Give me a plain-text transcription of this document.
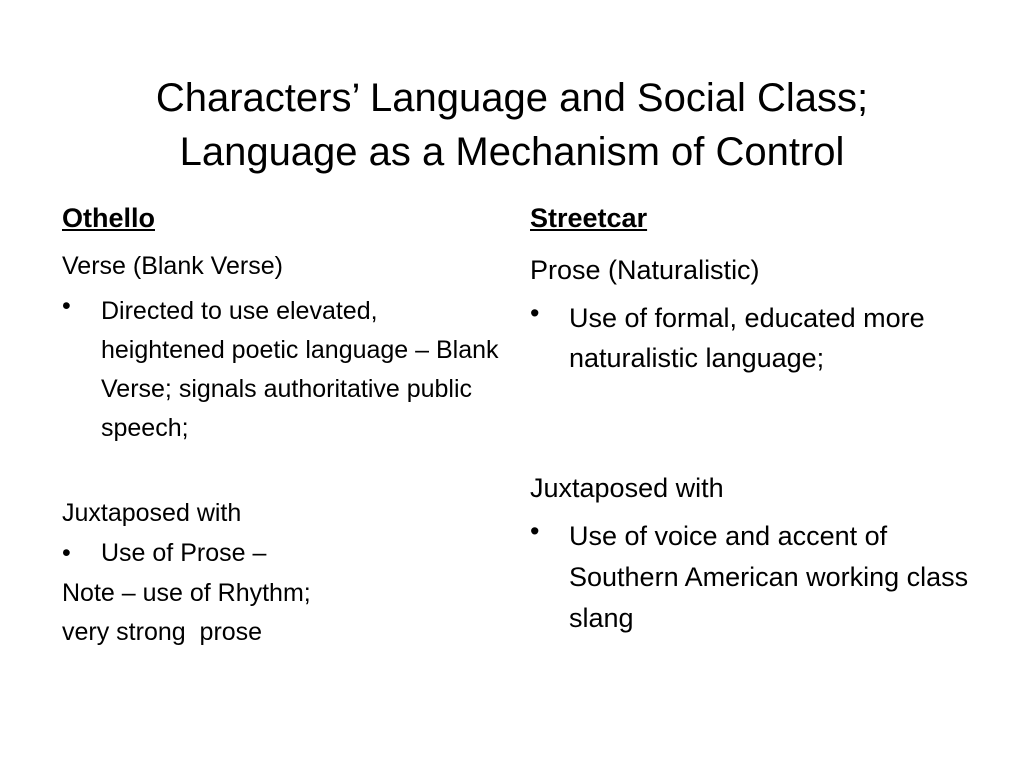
Characters’ Language and Social Class;
Language as a Mechanism of Control

Othello

Verse (Blank Verse)

• Directed to use elevated, heightened poetic language – Blank Verse; signals authoritative public speech;

Juxtaposed with

• Use of Prose –

Note – use of Rhythm;
very strong  prose

Streetcar

Prose (Naturalistic)

• Use of formal, educated more naturalistic language;

Juxtaposed with

• Use of voice and accent of Southern American working class slang
